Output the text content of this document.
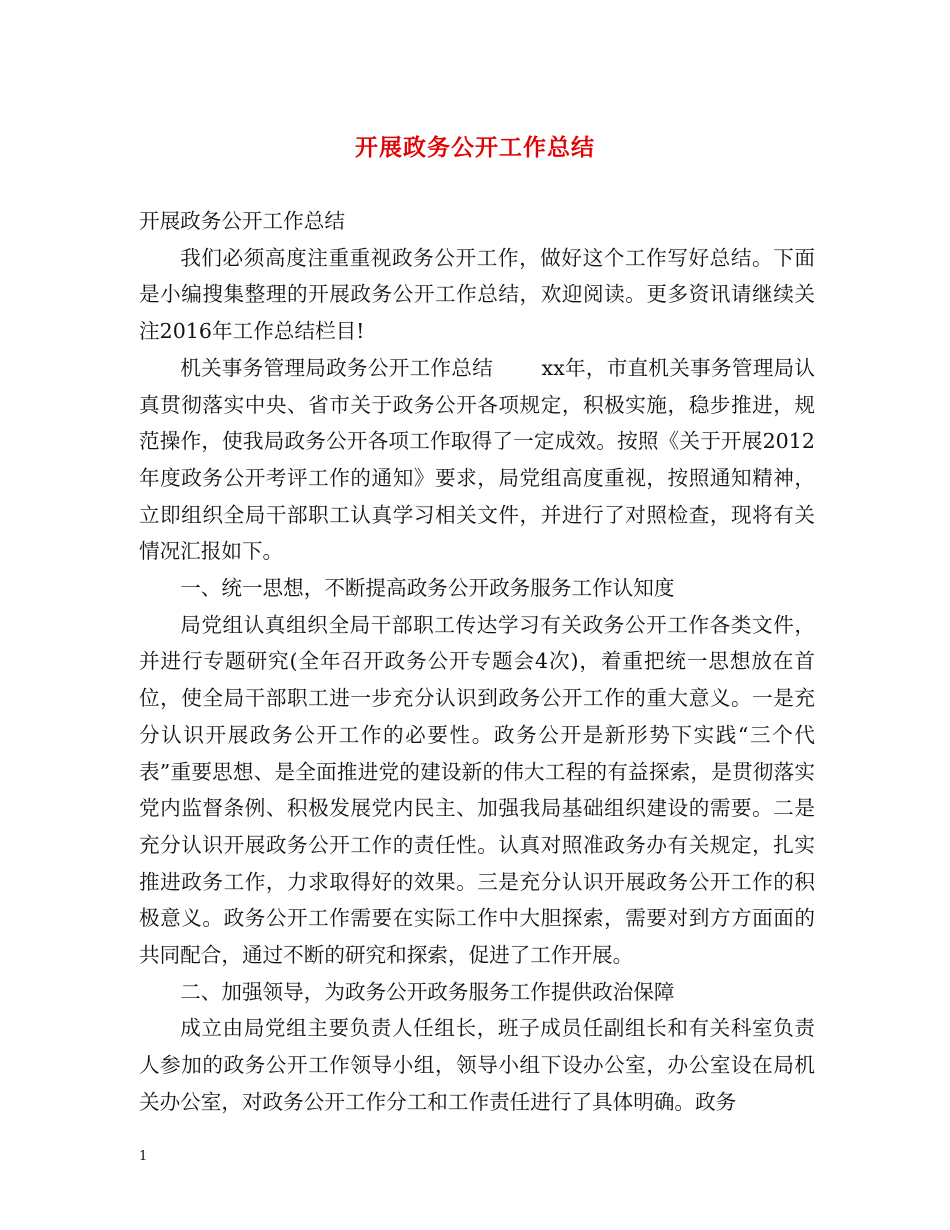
开展政务公开工作总结

开展政务公开工作总结

我们必须高度注重重视政务公开工作，做好这个工作写好总结。下面是小编搜集整理的开展政务公开工作总结，欢迎阅读。更多资讯请继续关注2016年工作总结栏目!

机关事务管理局政务公开工作总结　　 xx年，市直机关事务管理局认真贯彻落实中央、省市关于政务公开各项规定，积极实施，稳步推进，规范操作，使我局政务公开各项工作取得了一定成效。按照《关于开展2012年度政务公开考评工作的通知》要求，局党组高度重视，按照通知精神，立即组织全局干部职工认真学习相关文件，并进行了对照检查，现将有关情况汇报如下。

一、统一思想，不断提高政务公开政务服务工作认知度

局党组认真组织全局干部职工传达学习有关政务公开工作各类文件，并进行专题研究(全年召开政务公开专题会4次)，着重把统一思想放在首位，使全局干部职工进一步充分认识到政务公开工作的重大意义。一是充分认识开展政务公开工作的必要性。政务公开是新形势下实践“三个代表”重要思想、是全面推进党的建设新的伟大工程的有益探索，是贯彻落实党内监督条例、积极发展党内民主、加强我局基础组织建设的需要。二是充分认识开展政务公开工作的责任性。认真对照准政务办有关规定，扎实推进政务工作，力求取得好的效果。三是充分认识开展政务公开工作的积极意义。政务公开工作需要在实际工作中大胆探索，需要对到方方面面的共同配合，通过不断的研究和探索，促进了工作开展。

二、加强领导，为政务公开政务服务工作提供政治保障

成立由局党组主要负责人任组长，班子成员任副组长和有关科室负责人参加的政务公开工作领导小组，领导小组下设办公室，办公室设在局机关办公室，对政务公开工作分工和工作责任进行了具体明确。政务

1
